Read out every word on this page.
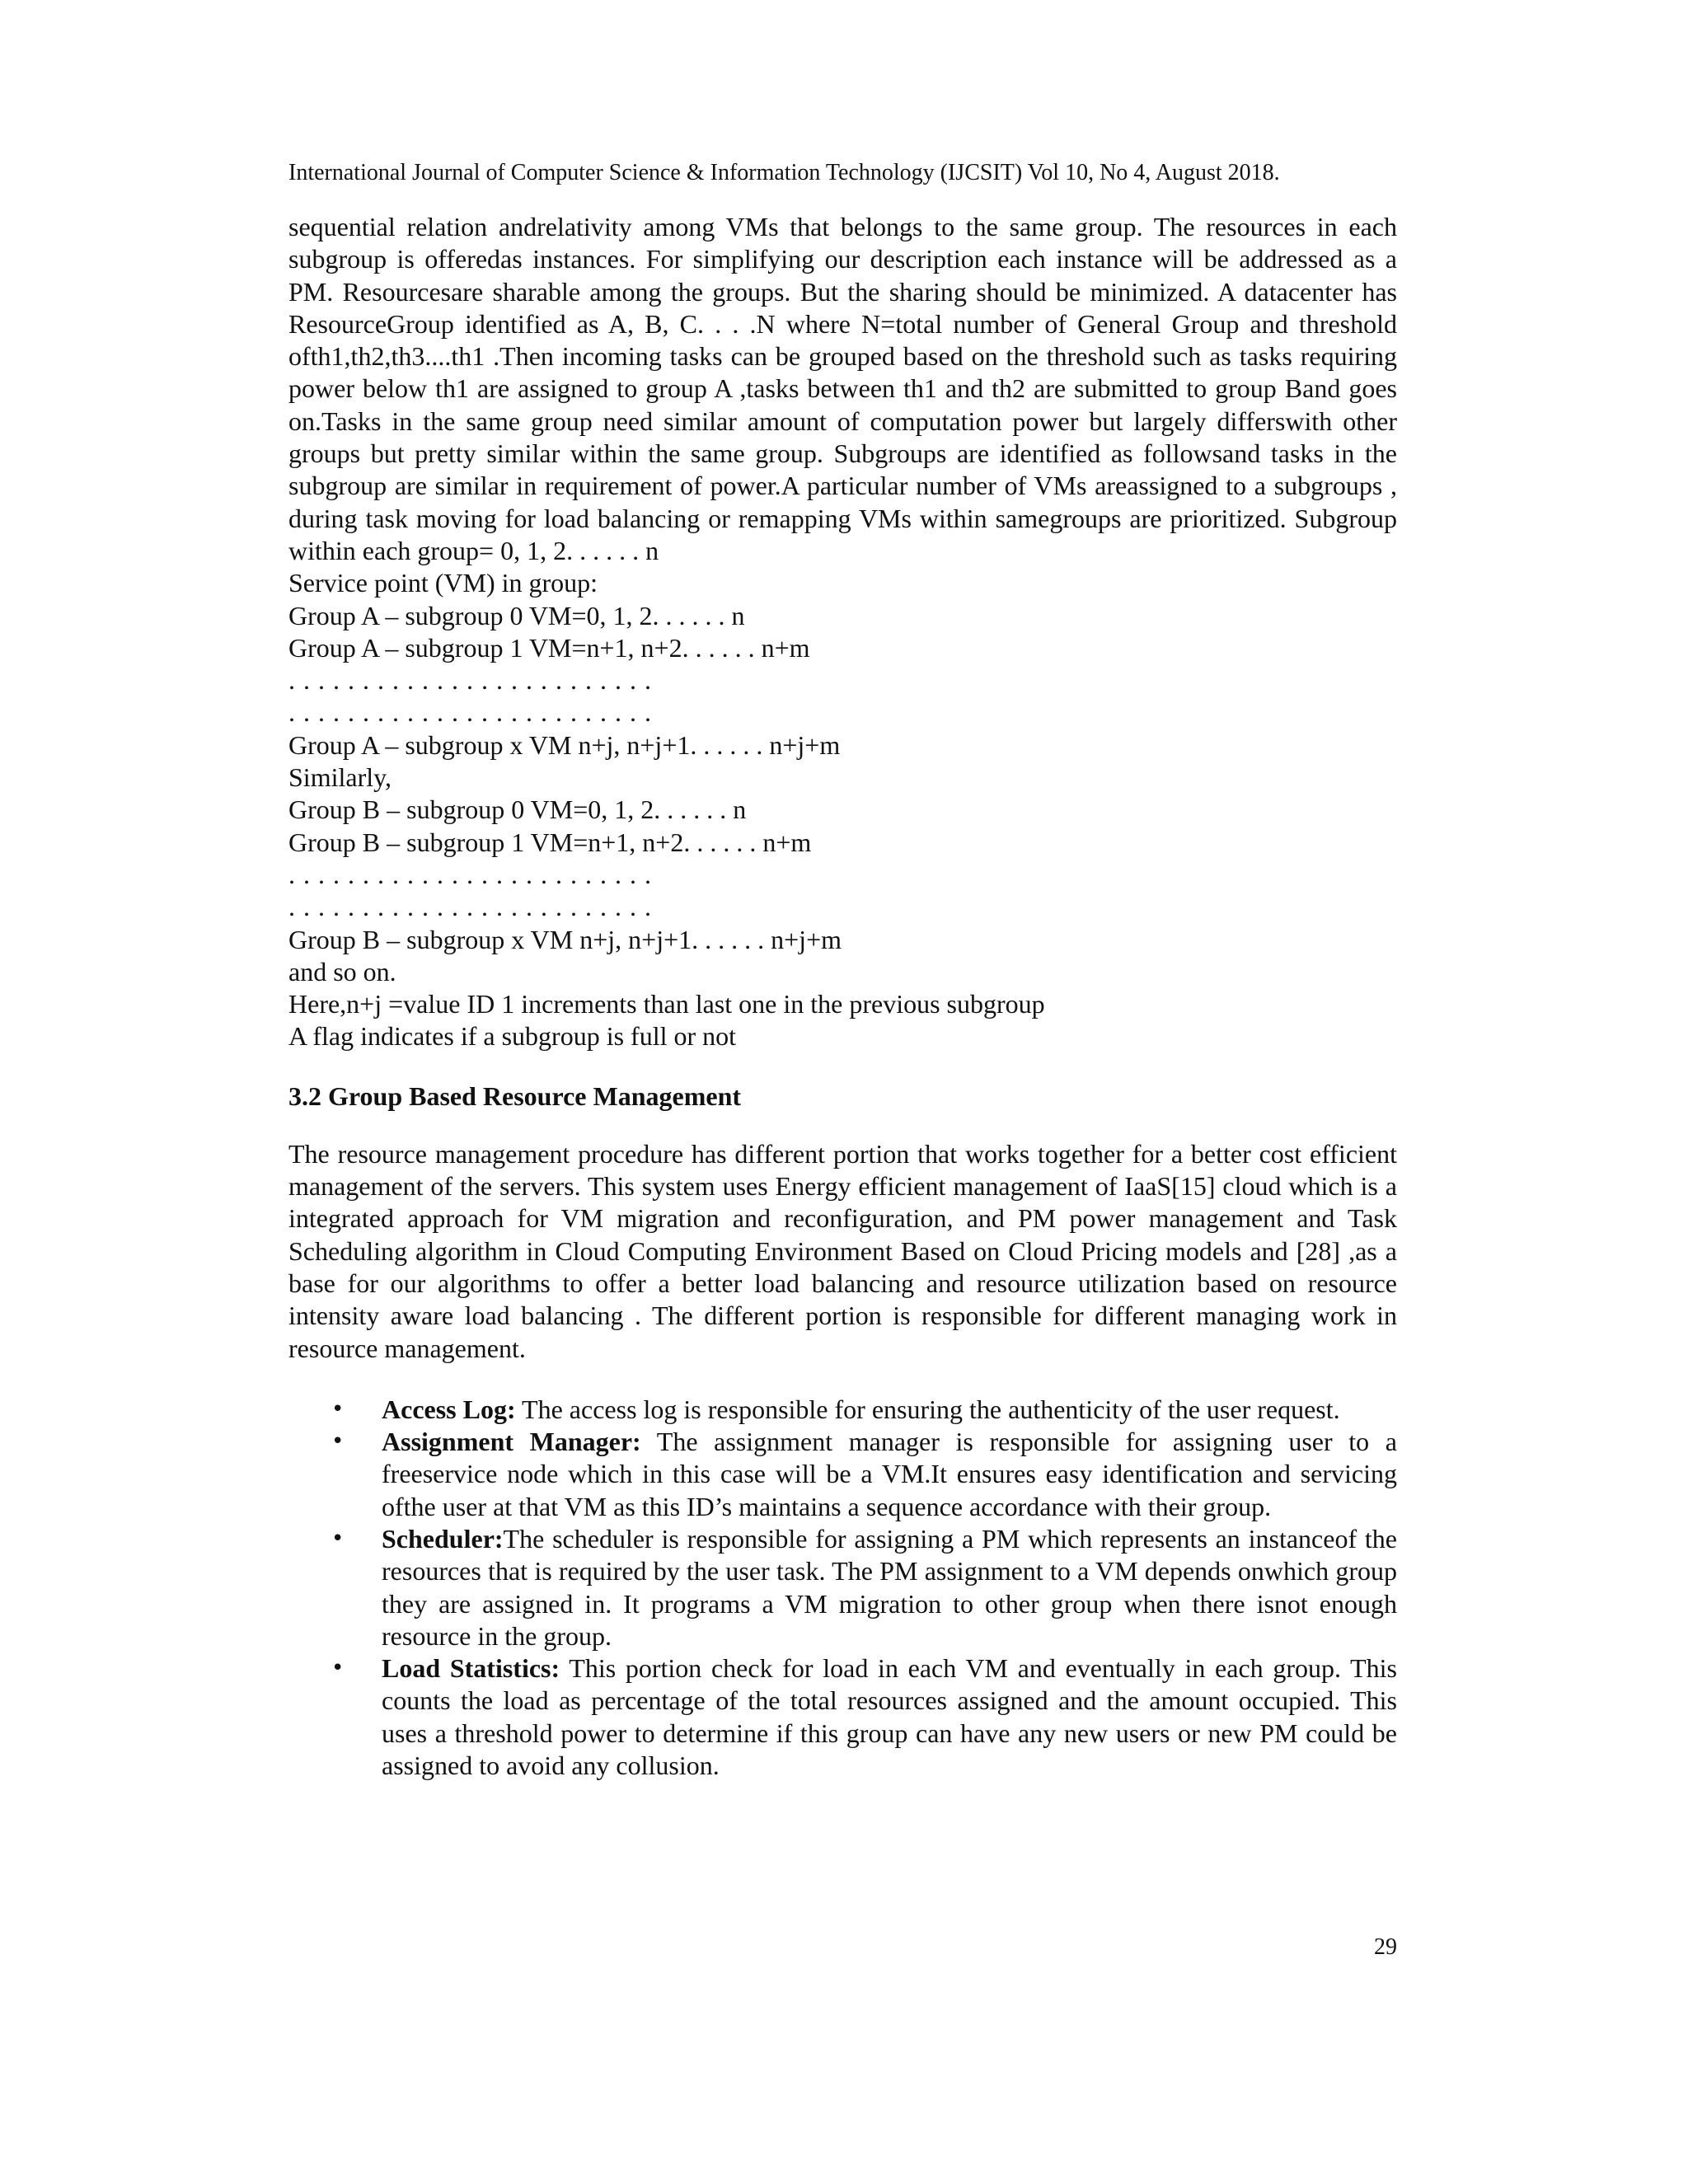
International Journal of Computer Science & Information Technology (IJCSIT) Vol 10, No 4, August 2018.

sequential relation andrelativity among VMs that belongs to the same group. The resources in each subgroup is offeredas instances. For simplifying our description each instance will be addressed as a PM. Resourcesare sharable among the groups. But the sharing should be minimized. A datacenter has ResourceGroup identified as A, B, C. . . .N where N=total number of General Group and threshold ofth1,th2,th3....th1 .Then incoming tasks can be grouped based on the threshold such as tasks requiring power below th1 are assigned to group A ,tasks between th1 and th2 are submitted to group Band goes on.Tasks in the same group need similar amount of computation power but largely differswith other groups but pretty similar within the same group. Subgroups are identified as followsand tasks in the subgroup are similar in requirement of power.A particular number of VMs areassigned to a subgroups , during task moving for load balancing or remapping VMs within samegroups are prioritized. Subgroup within each group= 0, 1, 2. . . . . . n

Service point (VM) in group:
Group A – subgroup 0 VM=0, 1, 2. . . . . . n
Group A – subgroup 1 VM=n+1, n+2. . . . . . n+m
. . . . . . . . . . . . . . . . . . . . . . . . .
. . . . . . . . . . . . . . . . . . . . . . . . .
Group A – subgroup x VM n+j, n+j+1. . . . . . n+j+m
Similarly,
Group B – subgroup 0 VM=0, 1, 2. . . . . . n
Group B – subgroup 1 VM=n+1, n+2. . . . . . n+m
. . . . . . . . . . . . . . . . . . . . . . . . .
. . . . . . . . . . . . . . . . . . . . . . . . .
Group B – subgroup x VM n+j, n+j+1. . . . . . n+j+m
and so on.
Here,n+j =value ID 1 increments than last one in the previous subgroup
A flag indicates if a subgroup is full or not
3.2 Group Based Resource Management

The resource management procedure has different portion that works together for a better cost efficient management of the servers. This system uses Energy efficient management of IaaS[15] cloud which is a integrated approach for VM migration and reconfiguration, and PM power management and Task Scheduling algorithm in Cloud Computing Environment Based on Cloud Pricing models and [28] ,as a base for our algorithms to offer a better load balancing and resource utilization based on resource intensity aware load balancing . The different portion is responsible for different managing work in resource management.

• Access Log: The access log is responsible for ensuring the authenticity of the user request.
• Assignment Manager: The assignment manager is responsible for assigning user to a freeservice node which in this case will be a VM.It ensures easy identification and servicing ofthe user at that VM as this ID’s maintains a sequence accordance with their group.
• Scheduler:The scheduler is responsible for assigning a PM which represents an instanceof the resources that is required by the user task. The PM assignment to a VM depends onwhich group they are assigned in. It programs a VM migration to other group when there isnot enough resource in the group.
• Load Statistics: This portion check for load in each VM and eventually in each group. This counts the load as percentage of the total resources assigned and the amount occupied. This uses a threshold power to determine if this group can have any new users or new PM could be assigned to avoid any collusion.
29
